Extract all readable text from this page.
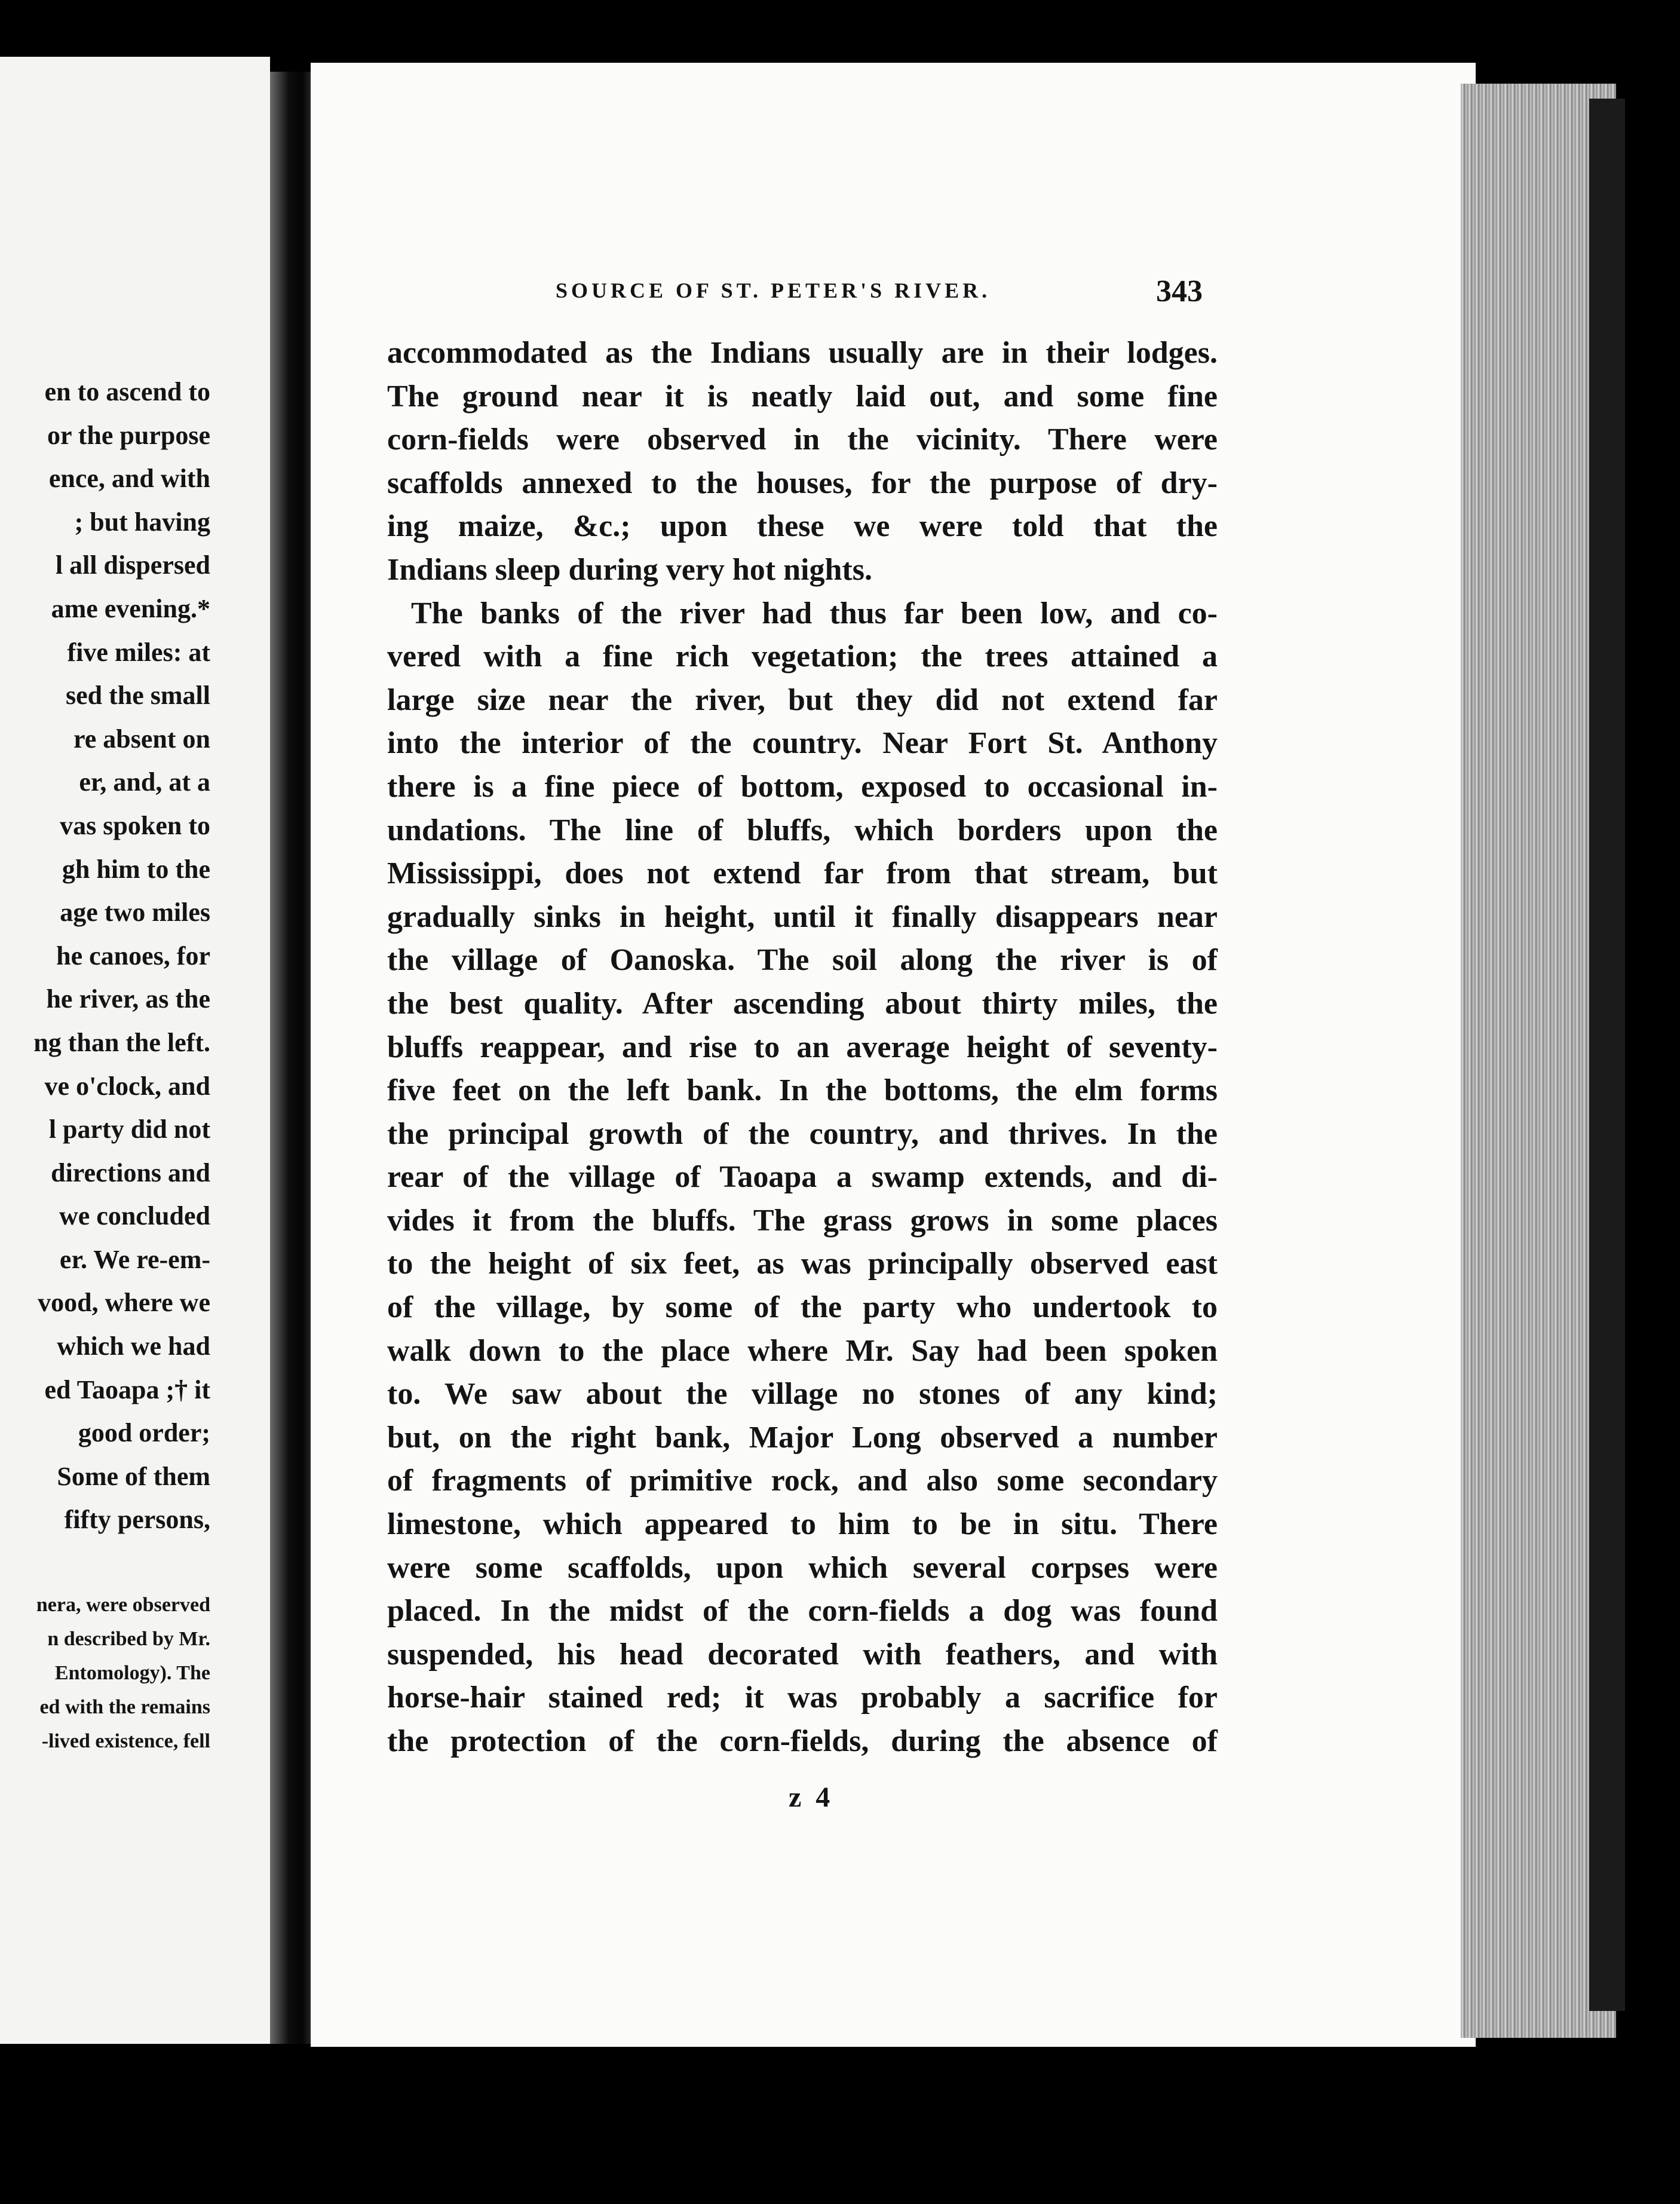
en to ascend to
or the purpose
ence, and with
; but having
l all dispersed
ame evening.*
five miles: at
sed the small
re absent on
er, and, at a
vas spoken to
gh him to the
age two miles
he canoes, for
he river, as the
ng than the left.
ve o'clock, and
l party did not
directions and
we concluded
er. We re-em-
vood, where we
which we had
ed Taoapa ;† it
good order;
Some of them
fifty persons,
nera, were observed
n described by Mr.
Entomology). The
ed with the remains
-lived existence, fell
SOURCE OF ST. PETER'S RIVER.	343
accommodated as the Indians usually are in their lodges.
The ground near it is neatly laid out, and some fine
corn-fields were observed in the vicinity. There were
scaffolds annexed to the houses, for the purpose of dry-
ing maize, &c.; upon these we were told that the
Indians sleep during very hot nights.
The banks of the river had thus far been low, and co-
vered with a fine rich vegetation; the trees attained a
large size near the river, but they did not extend far
into the interior of the country. Near Fort St. Anthony
there is a fine piece of bottom, exposed to occasional in-
undations. The line of bluffs, which borders upon the
Mississippi, does not extend far from that stream, but
gradually sinks in height, until it finally disappears near
the village of Oanoska. The soil along the river is of
the best quality. After ascending about thirty miles, the
bluffs reappear, and rise to an average height of seventy-
five feet on the left bank. In the bottoms, the elm forms
the principal growth of the country, and thrives. In the
rear of the village of Taoapa a swamp extends, and di-
vides it from the bluffs. The grass grows in some places
to the height of six feet, as was principally observed east
of the village, by some of the party who undertook to
walk down to the place where Mr. Say had been spoken
to. We saw about the village no stones of any kind;
but, on the right bank, Major Long observed a number
of fragments of primitive rock, and also some secondary
limestone, which appeared to him to be in situ. There
were some scaffolds, upon which several corpses were
placed. In the midst of the corn-fields a dog was found
suspended, his head decorated with feathers, and with
horse-hair stained red; it was probably a sacrifice for
the protection of the corn-fields, during the absence of
z 4
